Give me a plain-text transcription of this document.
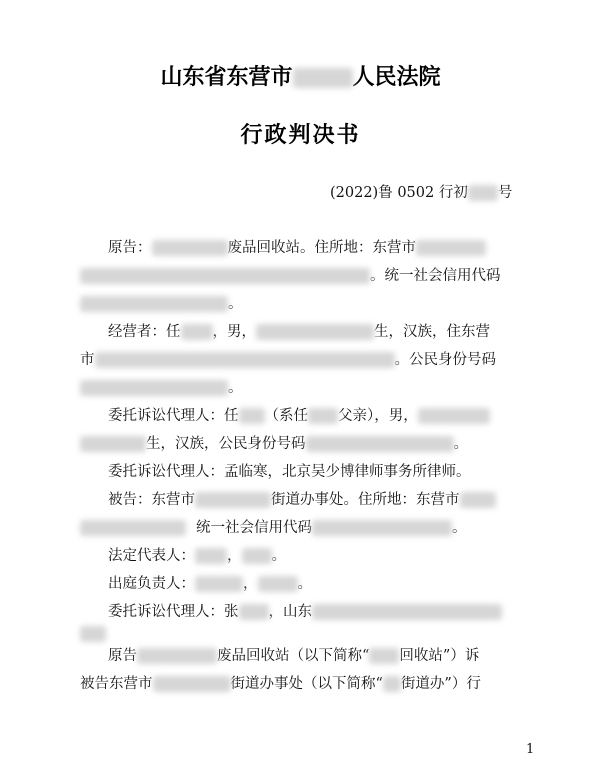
山东省东营市	人民法院
行政判决书
(2022)鲁 0502 行初 号
原告：	废品回收站。住所地：东营市
。统一社会信用代码
。
经营者：任 ，男，	生，汉族，住东营
市	。公民身份号码
。
委托诉讼代理人：任 （系任 父亲），男，
生，汉族，公民身份号码	。
委托诉讼代理人：孟临寒，北京吴少博律师事务所律师。
被告：东营市	街道办事处。住所地：东营市
统一社会信用代码	。
法定代表人： ， 。
出庭负责人：	，	。
委托诉讼代理人：张 ，山东
原告	废品回收站（以下简称“ 回收站”）诉
被告东营市	街道办事处（以下简称“ 街道办”）行
1
